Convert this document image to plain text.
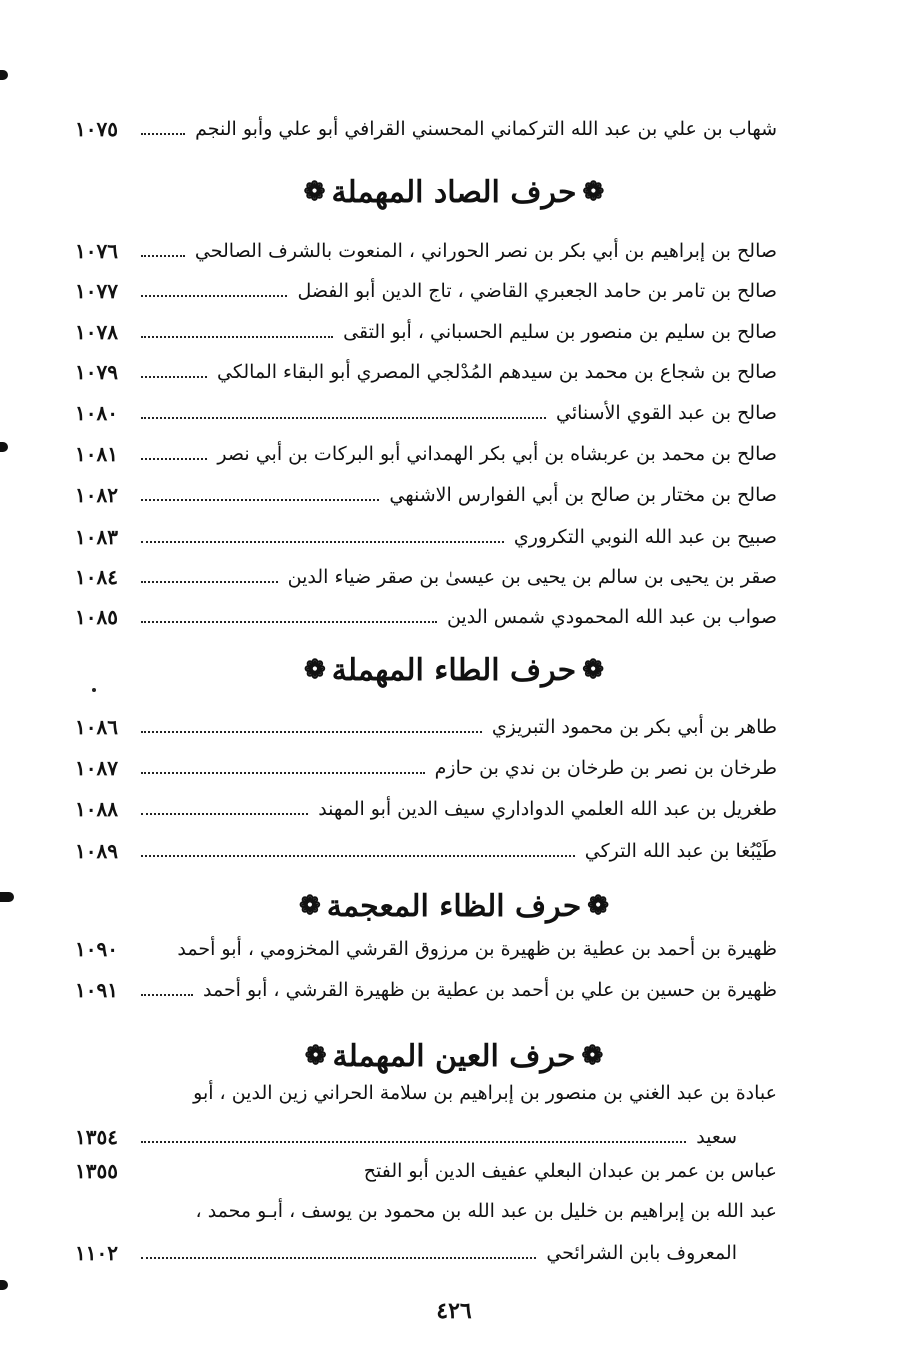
شهاب بن علي بن عبد الله التركماني المحسني القرافي أبو علي وأبو النجم
١٠٧٥
❁حرف الصاد المهملة❁
صالح بن إبراهيم بن أبي بكر بن نصر الحوراني ، المنعوت بالشرف الصالحي
١٠٧٦
صالح بن تامر بن حامد الجعبري القاضي ، تاج الدين أبو الفضل
١٠٧٧
صالح بن سليم بن منصور بن سليم الحسباني ، أبو التقى
١٠٧٨
صالح بن شجاع بن محمد بن سيدهم المُدْلجي المصري أبو البقاء المالكي
١٠٧٩
صالح بن عبد القوي الأسنائي
١٠٨٠
صالح بن محمد بن عربشاه بن أبي بكر الهمداني أبو البركات بن أبي نصر
١٠٨١
صالح بن مختار بن صالح بن أبي الفوارس الاشنهي
١٠٨٢
صبيح بن عبد الله النوبي التكروري
١٠٨٣
صقر بن يحيى بن سالم بن يحيى بن عيسىٰ بن صقر ضياء الدين
١٠٨٤
صواب بن عبد الله المحمودي شمس الدين
١٠٨٥
❁حرف الطاء المهملة❁
طاهر بن أبي بكر بن محمود التبريزي
١٠٨٦
طرخان بن نصر بن طرخان بن ندي بن حازم
١٠٨٧
طغريل بن عبد الله العلمي الدواداري سيف الدين أبو المهند
١٠٨٨
طَيْبُغا بن عبد الله التركي
١٠٨٩
❁حرف الظاء المعجمة❁
ظهيرة بن أحمد بن عطية بن ظهيرة بن مرزوق القرشي المخزومي ، أبو أحمد
١٠٩٠
ظهيرة بن حسين بن علي بن أحمد بن عطية بن ظهيرة القرشي ، أبو أحمد
١٠٩١
❁حرف العين المهملة❁
عبادة بن عبد الغني بن منصور بن إبراهيم بن سلامة الحراني زين الدين ، أبو
سعيد
١٣٥٤
عباس بن عمر بن عبدان البعلي عفيف الدين أبو الفتح
١٣٥٥
عبد الله بن إبراهيم بن خليل بن عبد الله بن محمود بن يوسف ، أبـو محمد ،
المعروف بابن الشرائحي
١١٠٢
٤٢٦
